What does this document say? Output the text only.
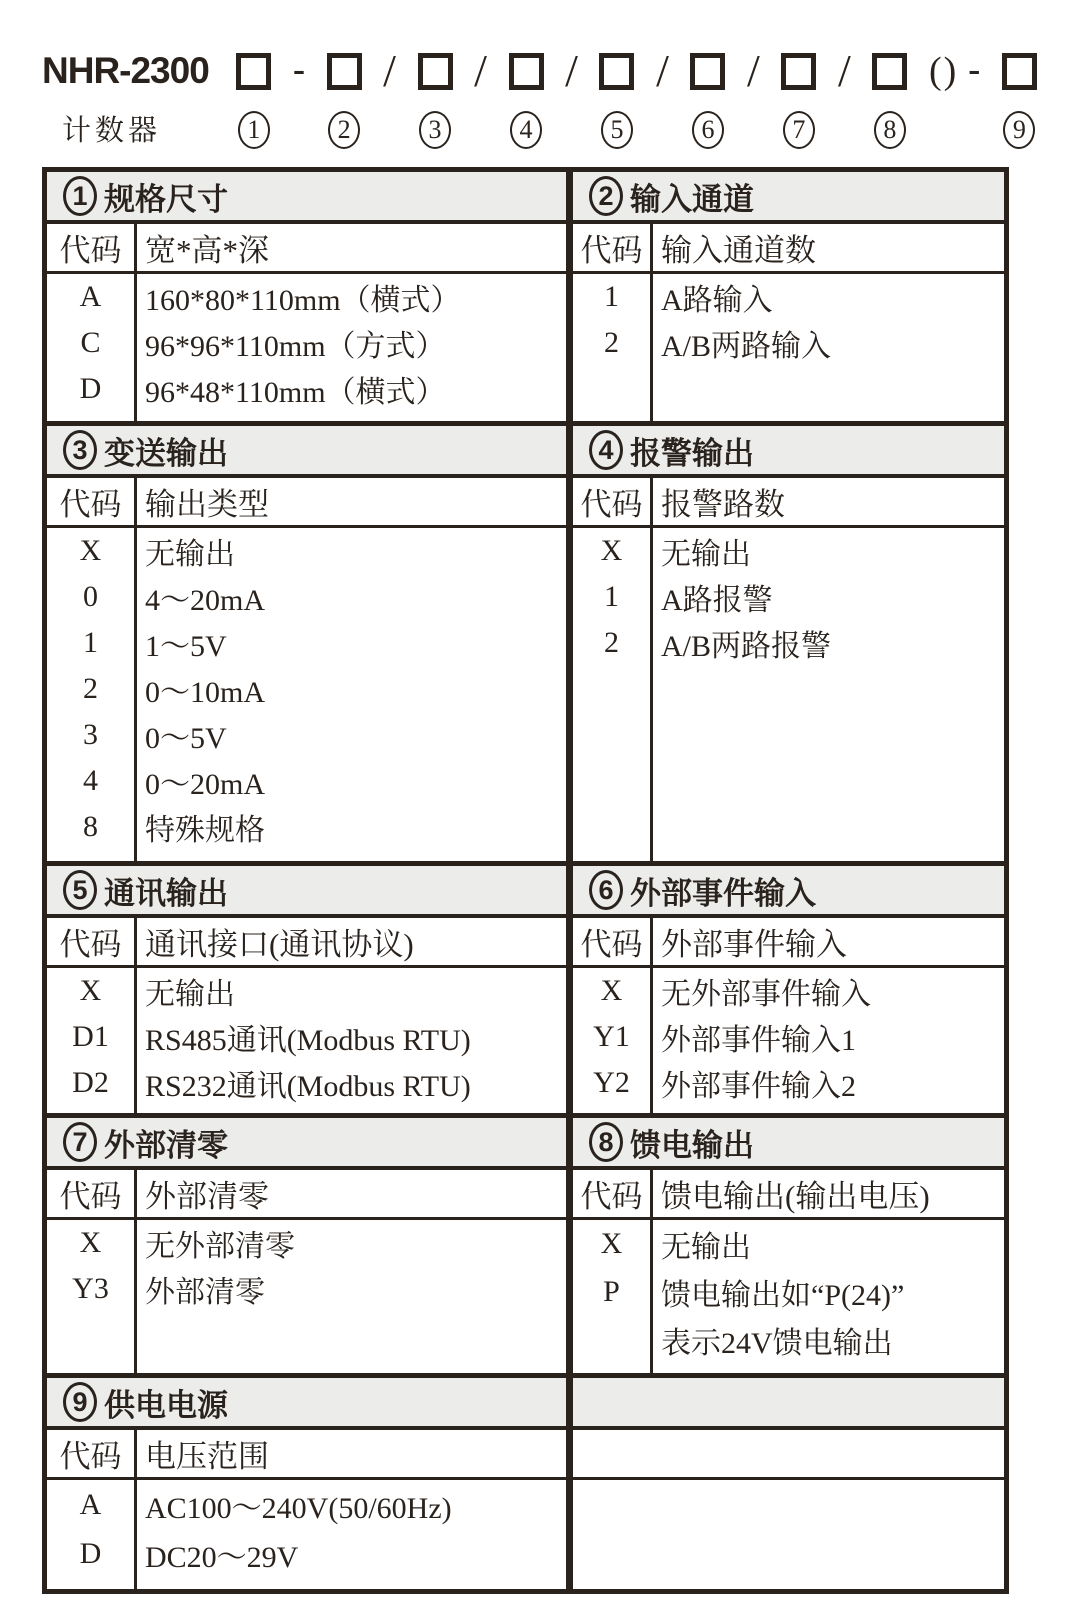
NHR-2300
计数器	1
-
2
/
3
/
4
/
5
/
6
/
7
/
8
() -
9
1 规格尺寸
代码 宽*高*深
A
C
D
160*80*110mm（横式）
96*96*110mm（方式）
96*48*110mm（横式）
2 输入通道
代码 输入通道数
1
2
A路输入
A/B两路输入
3 变送输出
代码 输出类型
X
0
1
2
3
4
8
无输出
4～20mA
1～5V
0～10mA
0～5V
0～20mA
特殊规格
4 报警输出
代码 报警路数
X
1
2
无输出
A路报警
A/B两路报警
5 通讯输出
代码 通讯接口(通讯协议)
X
D1
D2
无输出
RS485通讯(Modbus RTU)
RS232通讯(Modbus RTU)
6 外部事件输入
代码 外部事件输入
X
Y1
Y2
无外部事件输入
外部事件输入1
外部事件输入2
7 外部清零
代码 外部清零
X
Y3
无外部清零
外部清零
8 馈电输出
代码 馈电输出(输出电压)
X
P
无输出
馈电输出如“P(24)”
表示24V馈电输出
9 供电电源
代码 电压范围
A
D
AC100～240V(50/60Hz)
DC20～29V
